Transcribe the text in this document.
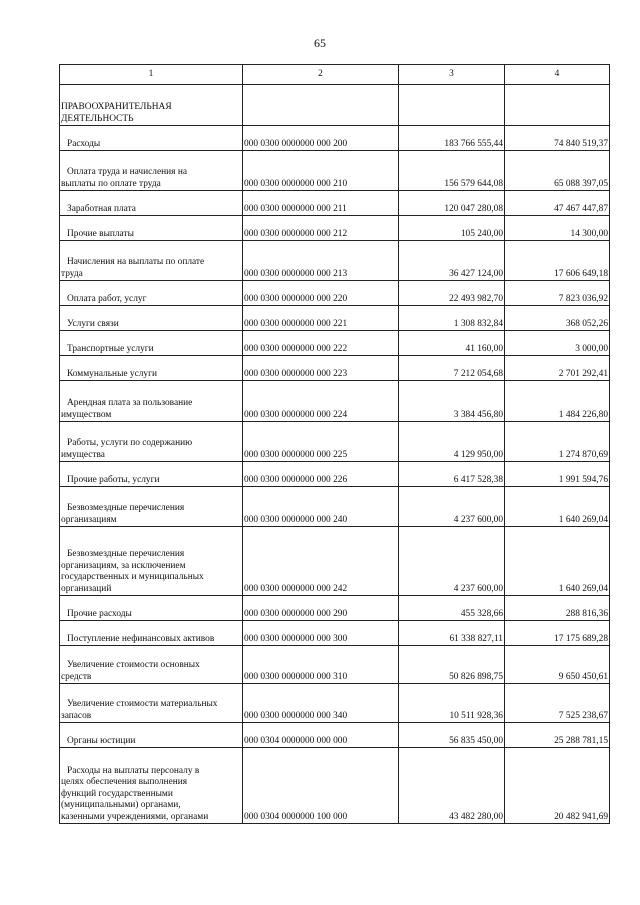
65
1	2	3	4

ПРАВООХРАНИТЕЛЬНАЯ
ДЕЯТЕЛЬНОСТЬ			

Расходы	000 0300 0000000 000 200	183 766 555,44	74 840 519,37

Оплата труда и начисления на
выплаты по оплате труда	000 0300 0000000 000 210	156 579 644,08	65 088 397,05

Заработная плата	000 0300 0000000 000 211	120 047 280,08	47 467 447,87

Прочие выплаты	000 0300 0000000 000 212	105 240,00	14 300,00

Начисления на выплаты по оплате
труда	000 0300 0000000 000 213	36 427 124,00	17 606 649,18

Оплата работ, услуг	000 0300 0000000 000 220	22 493 982,70	7 823 036,92

Услуги связи	000 0300 0000000 000 221	1 308 832,84	368 052,26

Транспортные услуги	000 0300 0000000 000 222	41 160,00	3 000,00

Коммунальные услуги	000 0300 0000000 000 223	7 212 054,68	2 701 292,41

Арендная плата за пользование
имуществом	000 0300 0000000 000 224	3 384 456,80	1 484 226,80

Работы, услуги по содержанию
имущества	000 0300 0000000 000 225	4 129 950,00	1 274 870,69

Прочие работы, услуги	000 0300 0000000 000 226	6 417 528,38	1 991 594,76

Безвозмездные перечисления
организациям	000 0300 0000000 000 240	4 237 600,00	1 640 269,04

Безвозмездные перечисления
организациям, за исключением
государственных и муниципальных
организаций	000 0300 0000000 000 242	4 237 600,00	1 640 269,04

Прочие расходы	000 0300 0000000 000 290	455 328,66	288 816,36

Поступление нефинансовых активов	000 0300 0000000 000 300	61 338 827,11	17 175 689,28

Увеличение стоимости основных
средств	000 0300 0000000 000 310	50 826 898,75	9 650 450,61

Увеличение стоимости материальных
запасов	000 0300 0000000 000 340	10 511 928,36	7 525 238,67

Органы юстиции	000 0304 0000000 000 000	56 835 450,00	25 288 781,15

Расходы на выплаты персоналу в
целях обеспечения выполнения
функций государственными
(муниципальными) органами,
казенными учреждениями, органами	000 0304 0000000 100 000	43 482 280,00	20 482 941,69
